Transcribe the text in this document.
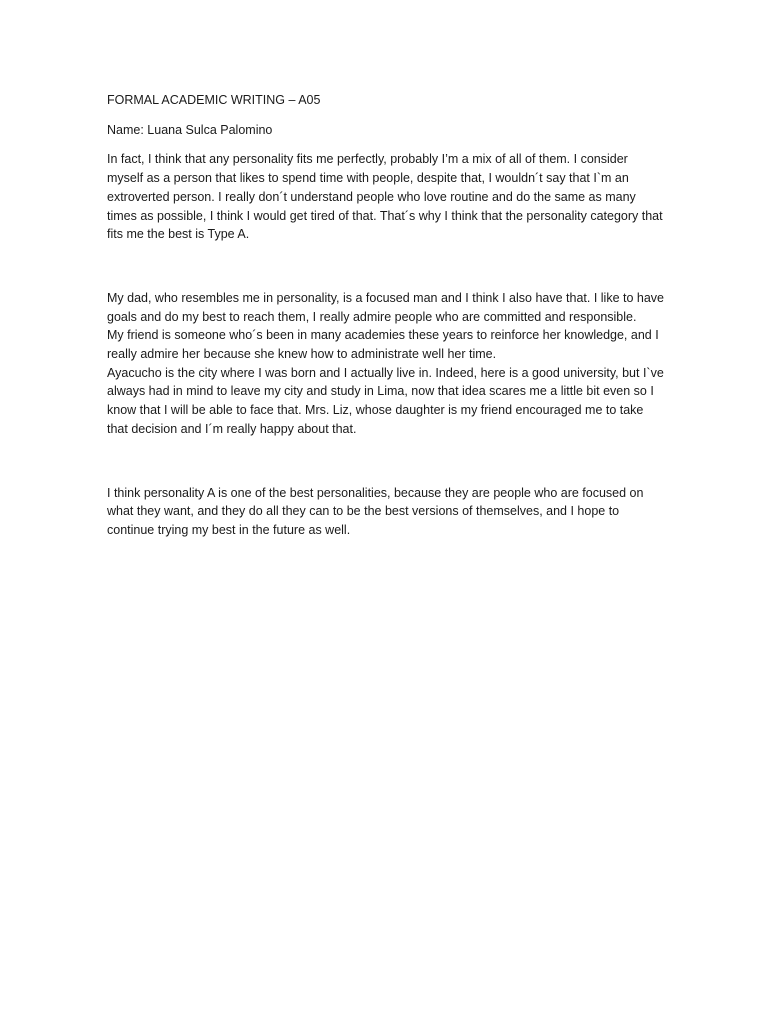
FORMAL ACADEMIC WRITING – A05

Name: Luana Sulca Palomino

In fact, I think that any personality fits me perfectly, probably I’m a mix of all of them. I consider myself as a person that likes to spend time with people, despite that, I wouldn´t say that I`m an extroverted person. I really don´t understand people who love routine and do the same as many times as possible, I think I would get tired of that. That´s why I think that the personality category that fits me the best is Type A.

My dad, who resembles me in personality, is a focused man and I think I also have that. I like to have goals and do my best to reach them, I really admire people who are committed and responsible.

My friend is someone who´s been in many academies these years to reinforce her knowledge, and I really admire her because she knew how to administrate well her time.

Ayacucho is the city where I was born and I actually live in. Indeed, here is a good university, but I`ve always had in mind to leave my city and study in Lima, now that idea scares me a little bit even so I know that I will be able to face that. Mrs. Liz, whose daughter is my friend encouraged me to take that decision and I´m really happy about that.

I think personality A is one of the best personalities, because they are people who are focused on what they want, and they do all they can to be the best versions of themselves, and I hope to continue trying my best in the future as well.
